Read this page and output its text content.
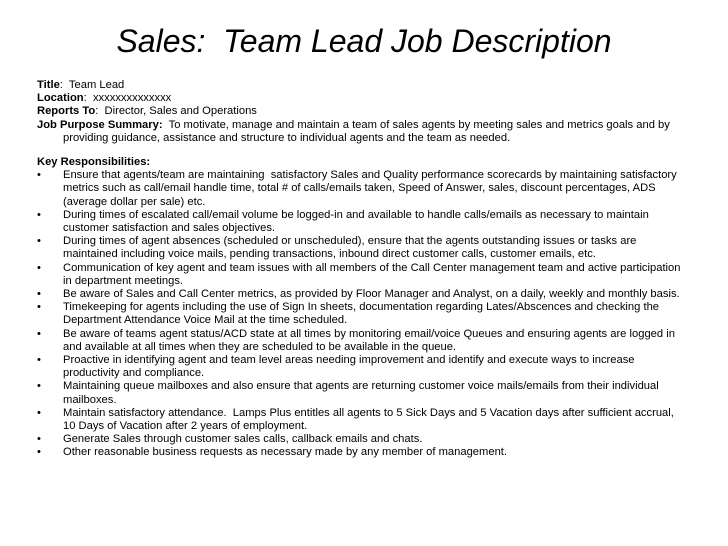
Sales:  Team Lead Job Description

Title:  Team Lead

Location:  xxxxxxxxxxxxxx

Reports To:  Director, Sales and Operations

Job Purpose Summary:  To motivate, manage and maintain a team of sales agents by meeting sales and metrics goals and by providing guidance, assistance and structure to individual agents and the team as needed.

Key Responsibilities:

• Ensure that agents/team are maintaining  satisfactory Sales and Quality performance scorecards by maintaining satisfactory metrics such as call/email handle time, total # of calls/emails taken, Speed of Answer, sales, discount percentages, ADS (average dollar per sale) etc.
• During times of escalated call/email volume be logged-in and available to handle calls/emails as necessary to maintain customer satisfaction and sales objectives.
• During times of agent absences (scheduled or unscheduled), ensure that the agents outstanding issues or tasks are maintained including voice mails, pending transactions, inbound direct customer calls, customer emails, etc.
• Communication of key agent and team issues with all members of the Call Center management team and active participation in department meetings.
• Be aware of Sales and Call Center metrics, as provided by Floor Manager and Analyst, on a daily, weekly and monthly basis.
• Timekeeping for agents including the use of Sign In sheets, documentation regarding Lates/Abscences and checking the Department Attendance Voice Mail at the time scheduled.
• Be aware of teams agent status/ACD state at all times by monitoring email/voice Queues and ensuring agents are logged in and available at all times when they are scheduled to be available in the queue.
• Proactive in identifying agent and team level areas needing improvement and identify and execute ways to increase productivity and compliance.
• Maintaining queue mailboxes and also ensure that agents are returning customer voice mails/emails from their individual mailboxes.
• Maintain satisfactory attendance.  Lamps Plus entitles all agents to 5 Sick Days and 5 Vacation days after sufficient accrual, 10 Days of Vacation after 2 years of employment.
• Generate Sales through customer sales calls, callback emails and chats.
• Other reasonable business requests as necessary made by any member of management.
